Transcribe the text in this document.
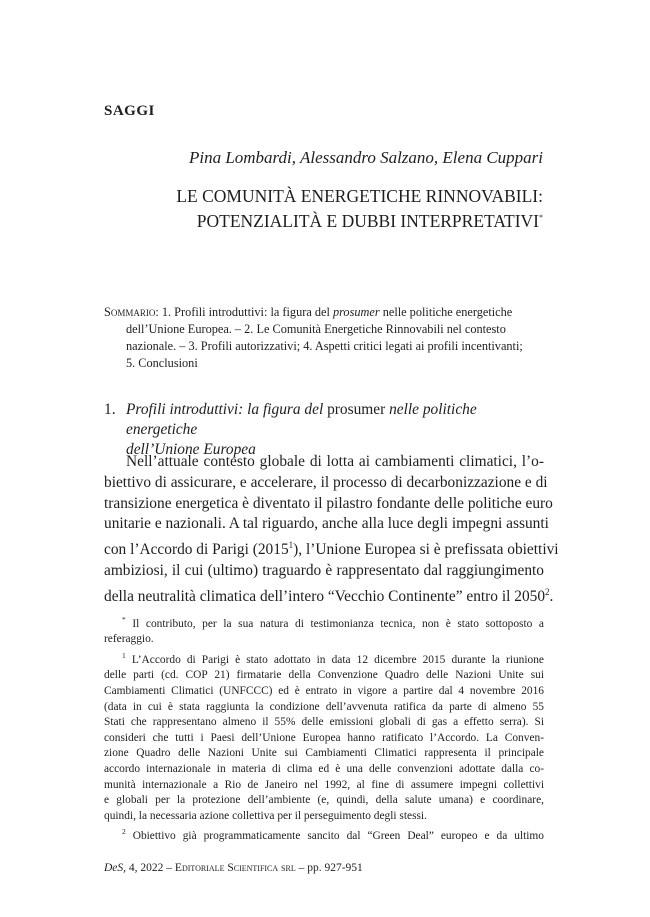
SAGGI
Pina Lombardi, Alessandro Salzano, Elena Cuppari
LE COMUNITÀ ENERGETICHE RINNOVABILI:
POTENZIALITÀ E DUBBI INTERPRETATIVI*
Sommario: 1. Profili introduttivi: la figura del prosumer nelle politiche energetiche
dell’Unione Europea. – 2. Le Comunità Energetiche Rinnovabili nel contesto
nazionale. – 3. Profili autorizzativi; 4. Aspetti critici legati ai profili incentivanti;
5. Conclusioni
1. Profili introduttivi: la figura del prosumer nelle politiche energetiche
dell’Unione Europea
Nell’attuale contesto globale di lotta ai cambiamenti climatici, l’o-
biettivo di assicurare, e accelerare, il processo di decarbonizzazione e di
transizione energetica è diventato il pilastro fondante delle politiche euro
unitarie e nazionali. A tal riguardo, anche alla luce degli impegni assunti
con l’Accordo di Parigi (2015$^1$), l’Unione Europea si è prefissata obiettivi
ambiziosi, il cui (ultimo) traguardo è rappresentato dal raggiungimento
della neutralità climatica dell’intero “Vecchio Continente” entro il 2050$^2$.
* Il contributo, per la sua natura di testimonianza tecnica, non è stato sottoposto a
referaggio.
$^1$ L’Accordo di Parigi è stato adottato in data 12 dicembre 2015 durante la riunione
delle parti (cd. COP 21) firmatarie della Convenzione Quadro delle Nazioni Unite sui
Cambiamenti Climatici (UNFCCC) ed è entrato in vigore a partire dal 4 novembre 2016
(data in cui è stata raggiunta la condizione dell’avvenuta ratifica da parte di almeno 55
Stati che rappresentano almeno il 55% delle emissioni globali di gas a effetto serra). Si
consideri che tutti i Paesi dell’Unione Europea hanno ratificato l’Accordo. La Conven-
zione Quadro delle Nazioni Unite sui Cambiamenti Climatici rappresenta il principale
accordo internazionale in materia di clima ed è una delle convenzioni adottate dalla co-
munità internazionale a Rio de Janeiro nel 1992, al fine di assumere impegni collettivi
e globali per la protezione dell’ambiente (e, quindi, della salute umana) e coordinare,
quindi, la necessaria azione collettiva per il perseguimento degli stessi.
$^2$ Obiettivo già programmaticamente sancito dal “Green Deal” europeo e da ultimo
DeS, 4, 2022 – Editoriale Scientifica srl – pp. 927-951
